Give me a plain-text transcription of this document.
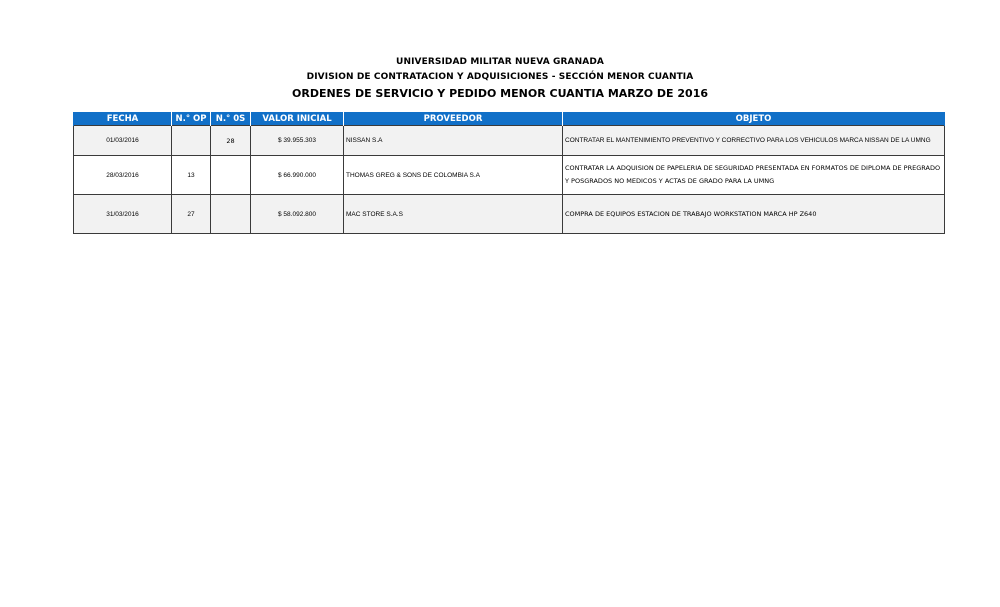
UNIVERSIDAD MILITAR NUEVA GRANADA
DIVISION DE CONTRATACION Y ADQUISICIONES - SECCIÓN MENOR CUANTIA
ORDENES DE SERVICIO Y PEDIDO MENOR CUANTIA MARZO DE 2016
FECHA	N.° OP	N.° 0S	VALOR INICIAL	PROVEEDOR	OBJETO
01/03/2016		28	$ 39.955.303	NISSAN S.A	CONTRATAR EL MANTENIMIENTO PREVENTIVO Y CORRECTIVO PARA LOS VEHICULOS MARCA NISSAN DE LA UMNG
28/03/2016	13		$ 66.990.000	THOMAS GREG & SONS DE COLOMBIA S.A	CONTRATAR LA ADQUISION DE PAPELERIA DE SEGURIDAD PRESENTADA EN FORMATOS DE DIPLOMA DE PREGRADO Y POSGRADOS NO MEDICOS Y ACTAS DE GRADO PARA LA UMNG
31/03/2016	27		$ 58.092.800	MAC STORE S.A.S	COMPRA DE EQUIPOS ESTACION DE TRABAJO WORKSTATION MARCA HP Z640
